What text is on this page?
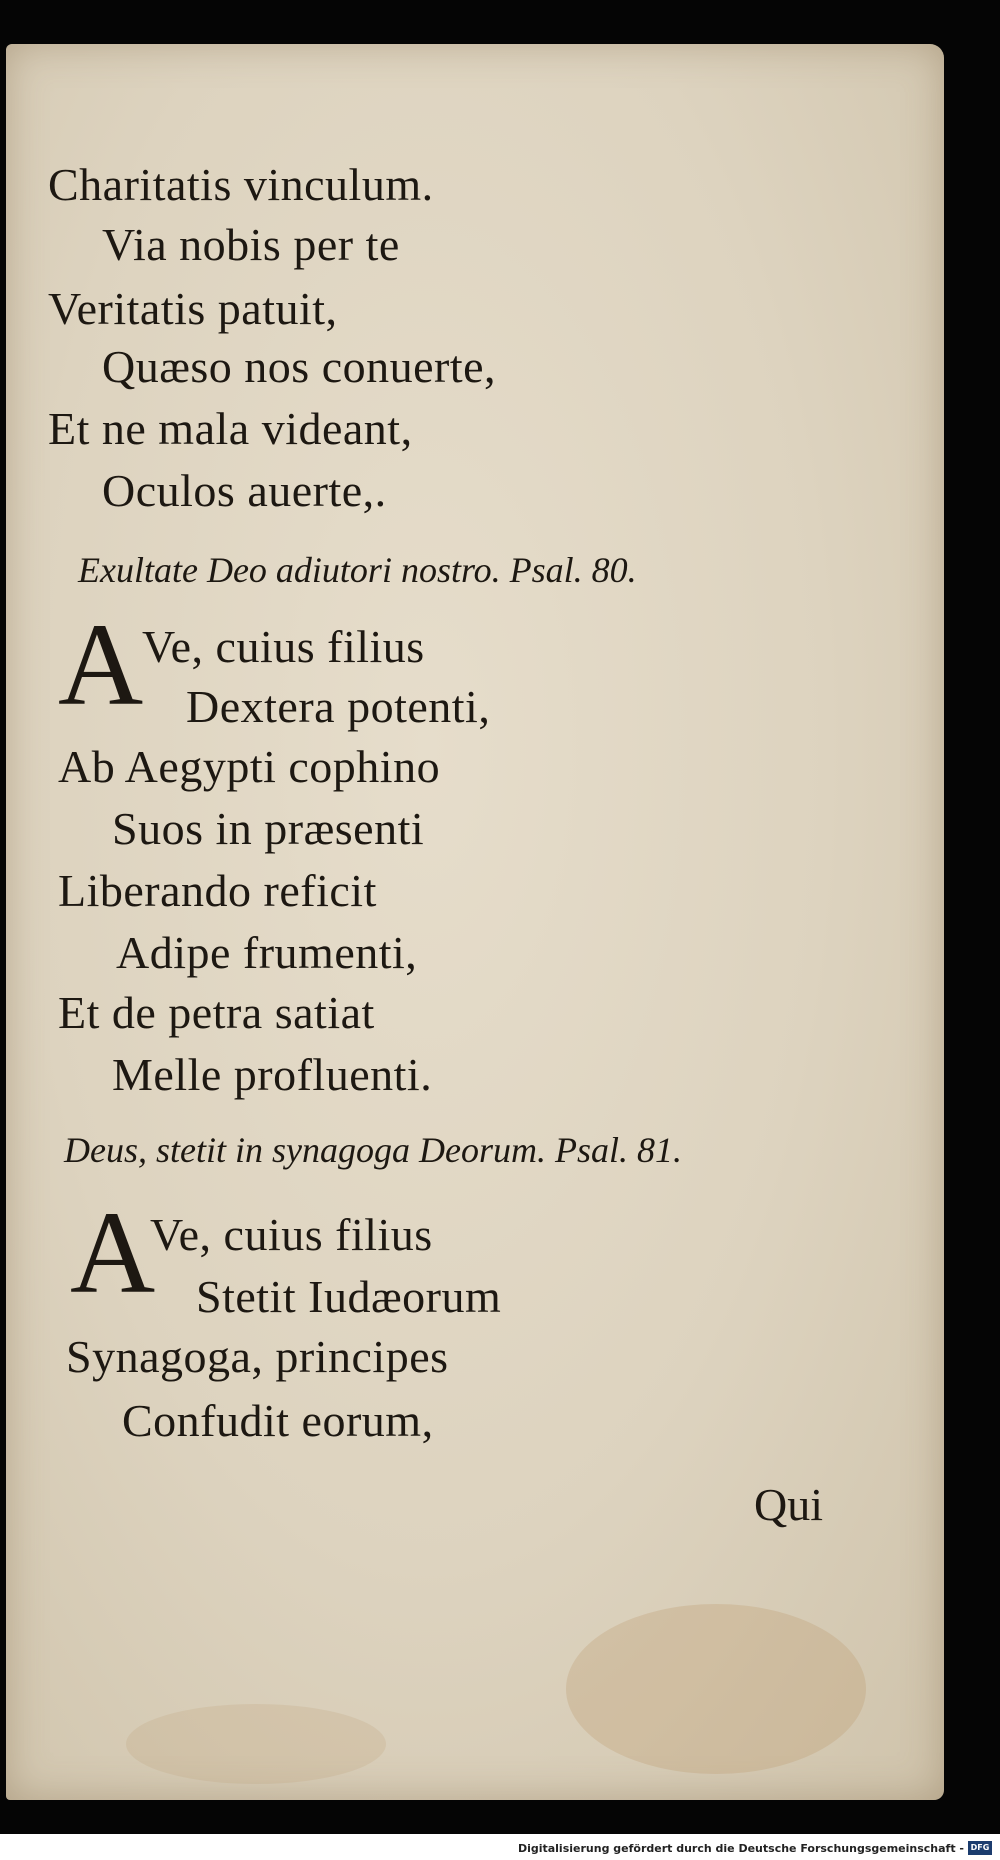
Charitatis vinculum.
Via nobis per te
Veritatis patuit,
Quæso nos conuerte,
Et ne mala videant,
Oculos auerte,.
Exultate Deo adiutori nostro. Psal. 80.
A
Ve, cuius filius
Dextera potenti,
Ab Aegypti cophino
Suos in præsenti
Liberando reficit
Adipe frumenti,
Et de petra satiat
Melle profluenti.
Deus, stetit in synagoga Deorum. Psal. 81.
A
Ve, cuius filius
Stetit Iudæorum
Synagoga, principes
Confudit eorum,
Qui
Digitalisierung gefördert durch die Deutsche Forschungsgemeinschaft - DFG
